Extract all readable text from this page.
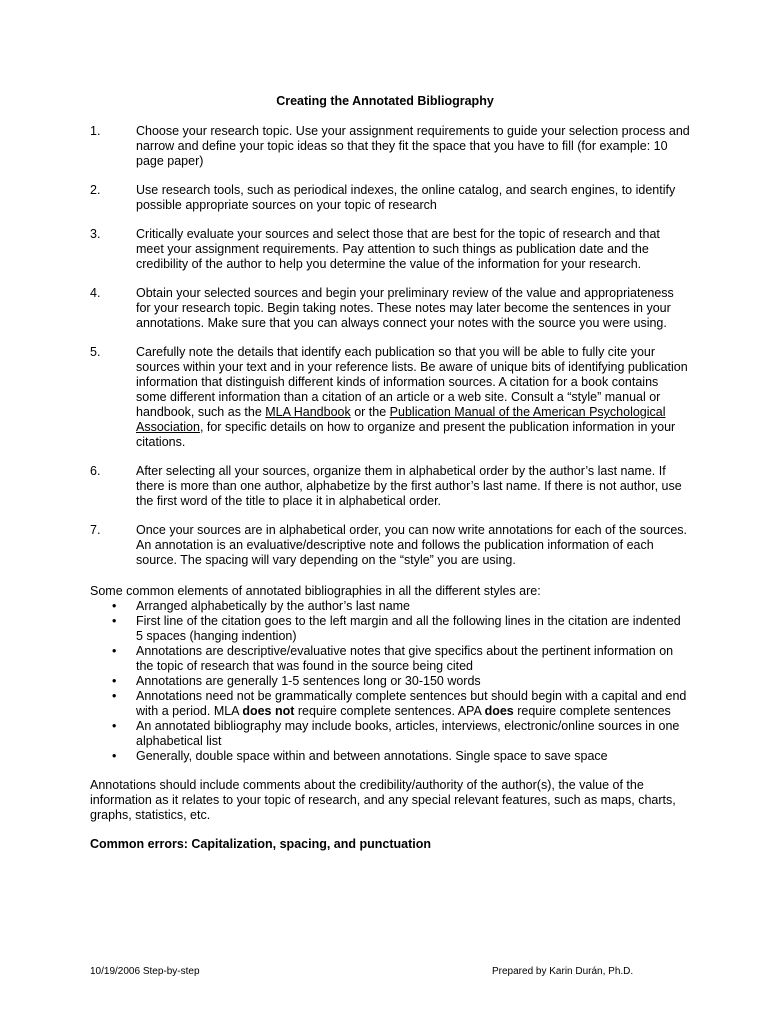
Creating the Annotated Bibliography
1.	Choose your research topic. Use your assignment requirements to guide your selection process and narrow and define your topic ideas so that they fit the space that you have to fill (for example: 10 page paper)
2.	Use research tools, such as periodical indexes, the online catalog, and search engines, to identify possible appropriate sources on your topic of research
3.	Critically evaluate your sources and select those that are best for the topic of research and that meet your assignment requirements. Pay attention to such things as publication date and the credibility of the author to help you determine the value of the information for your research.
4.	Obtain your selected sources and begin your preliminary review of the value and appropriateness for your research topic. Begin taking notes. These notes may later become the sentences in your annotations. Make sure that you can always connect your notes with the source you were using.
5.	Carefully note the details that identify each publication so that you will be able to fully cite your sources within your text and in your reference lists. Be aware of unique bits of identifying publication information that distinguish different kinds of information sources. A citation for a book contains some different information than a citation of an article or a web site. Consult a “style” manual or handbook, such as the MLA Handbook or the Publication Manual of the American Psychological Association, for specific details on how to organize and present the publication information in your citations.
6.	After selecting all your sources, organize them in alphabetical order by the author’s last name. If there is more than one author, alphabetize by the first author’s last name. If there is not author, use the first word of the title to place it in alphabetical order.
7.	Once your sources are in alphabetical order, you can now write annotations for each of the sources. An annotation is an evaluative/descriptive note and follows the publication information of each source. The spacing will vary depending on the “style” you are using.
Some common elements of annotated bibliographies in all the different styles are:
• Arranged alphabetically by the author’s last name
• First line of the citation goes to the left margin and all the following lines in the citation are indented 5 spaces (hanging indention)
• Annotations are descriptive/evaluative notes that give specifics about the pertinent information on the topic of research that was found in the source being cited
• Annotations are generally 1-5 sentences long or 30-150 words
• Annotations need not be grammatically complete sentences but should begin with a capital and end with a period. MLA does not require complete sentences. APA does require complete sentences
• An annotated bibliography may include books, articles, interviews, electronic/online sources in one alphabetical list
• Generally, double space within and between annotations. Single space to save space
Annotations should include comments about the credibility/authority of the author(s), the value of the information as it relates to your topic of research, and any special relevant features, such as maps, charts, graphs, statistics, etc.
Common errors: Capitalization, spacing, and punctuation
10/19/2006 Step-by-step	Prepared by Karin Durán, Ph.D.
